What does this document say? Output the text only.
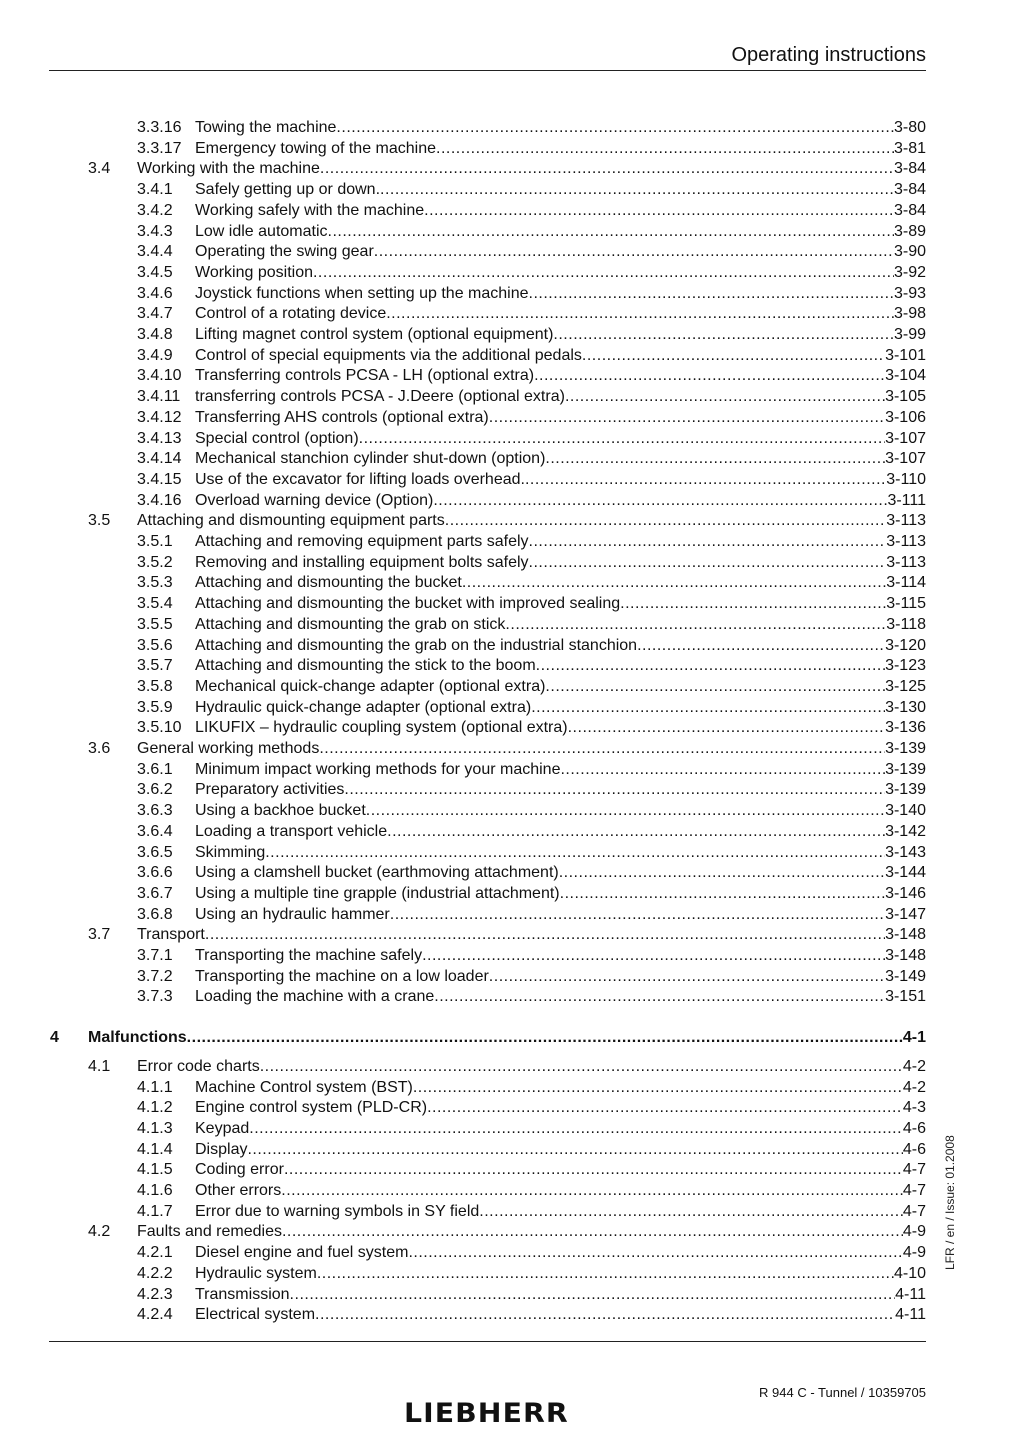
Operating instructions
3.3.16 Towing the machine .....	3-80
3.3.17 Emergency towing of the machine .....	3-81
3.4 Working with the machine .....	3-84
3.4.1 Safely getting up or down. .....	3-84
3.4.2 Working safely with the machine .....	3-84
3.4.3 Low idle automatic .....	3-89
3.4.4 Operating the swing gear .....	3-90
3.4.5 Working position .....	3-92
3.4.6 Joystick functions when setting up the machine .....	3-93
3.4.7 Control of a rotating device .....	3-98
3.4.8 Lifting magnet control system (optional equipment) .....	3-99
3.4.9 Control of special equipments via the additional pedals .....	3-101
3.4.10 Transferring controls PCSA - LH (optional extra) .....	3-104
3.4.11 transferring controls PCSA - J.Deere (optional extra) .....	3-105
3.4.12 Transferring AHS controls (optional extra) .....	3-106
3.4.13 Special control (option) .....	3-107
3.4.14 Mechanical stanchion cylinder shut-down (option) .....	3-107
3.4.15 Use of the excavator for lifting loads overhead. .....	3-110
3.4.16 Overload warning device (Option) .....	3-111
3.5 Attaching and dismounting equipment parts .....	3-113
3.5.1 Attaching and removing equipment parts safely .....	3-113
3.5.2 Removing and installing equipment bolts safely .....	3-113
3.5.3 Attaching and dismounting the bucket .....	3-114
3.5.4 Attaching and dismounting the bucket with improved sealing .....	3-115
3.5.5 Attaching and dismounting the grab on stick .....	3-118
3.5.6 Attaching and dismounting the grab on the industrial stanchion .....	3-120
3.5.7 Attaching and dismounting the stick to the boom .....	3-123
3.5.8 Mechanical quick-change adapter (optional extra) .....	3-125
3.5.9 Hydraulic quick-change adapter (optional extra) .....	3-130
3.5.10 LIKUFIX – hydraulic coupling system (optional extra) .....	3-136
3.6 General working methods .....	3-139
3.6.1 Minimum impact working methods for your machine .....	3-139
3.6.2 Preparatory activities .....	3-139
3.6.3 Using a backhoe bucket .....	3-140
3.6.4 Loading a transport vehicle .....	3-142
3.6.5 Skimming .....	3-143
3.6.6 Using a clamshell bucket (earthmoving attachment) .....	3-144
3.6.7 Using a multiple tine grapple (industrial attachment) .....	3-146
3.6.8 Using an hydraulic hammer .....	3-147
3.7 Transport .....	3-148
3.7.1 Transporting the machine safely .....	3-148
3.7.2 Transporting the machine on a low loader .....	3-149
3.7.3 Loading the machine with a crane .....	3-151
4 Malfunctions .....	4-1
4.1 Error code charts .....	4-2
4.1.1 Machine Control system (BST) .....	4-2
4.1.2 Engine control system (PLD-CR) .....	4-3
4.1.3 Keypad .....	4-6
4.1.4 Display .....	4-6
4.1.5 Coding error .....	4-7
4.1.6 Other errors .....	4-7
4.1.7 Error due to warning symbols in SY field .....	4-7
4.2 Faults and remedies .....	4-9
4.2.1 Diesel engine and fuel system .....	4-9
4.2.2 Hydraulic system .....	4-10
4.2.3 Transmission .....	4-11
4.2.4 Electrical system .....	4-11
LFR / en / Issue: 01.2008
LIEBHERR
R 944 C - Tunnel / 10359705
